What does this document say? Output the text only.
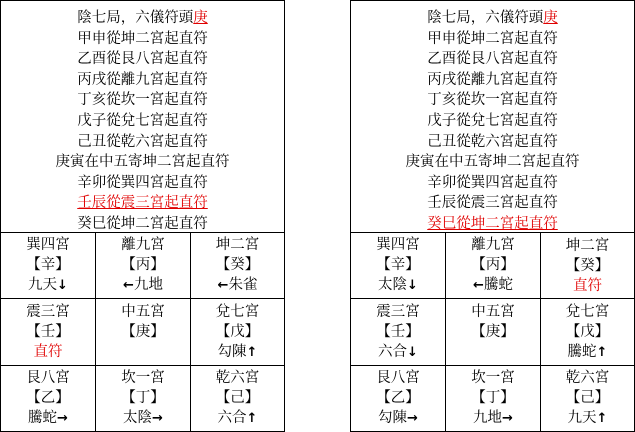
陰七局，六儀符頭庚
甲申從坤二宮起直符
乙酉從艮八宮起直符
丙戌從離九宮起直符
丁亥從坎一宮起直符
戊子從兌七宮起直符
己丑從乾六宮起直符
庚寅在中五寄坤二宮起直符
辛卯從巽四宮起直符
壬辰從震三宮起直符
癸巳從坤二宮起直符
巽四宮
【辛】
九天↓
離九宮
【丙】
←九地
坤二宮
【癸】
←朱雀
震三宮
【壬】
直符
中五宮
【庚】
兌七宮
【戊】
勾陳↑
艮八宮
【乙】
騰蛇→
坎一宮
【丁】
太陰→
乾六宮
【己】
六合↑
陰七局，六儀符頭庚
甲申從坤二宮起直符
乙酉從艮八宮起直符
丙戌從離九宮起直符
丁亥從坎一宮起直符
戊子從兌七宮起直符
己丑從乾六宮起直符
庚寅在中五寄坤二宮起直符
辛卯從巽四宮起直符
壬辰從震三宮起直符
癸巳從坤二宮起直符
巽四宮
【辛】
太陰↓
離九宮
【丙】
←騰蛇
坤二宮
【癸】
直符
震三宮
【壬】
六合↓
中五宮
【庚】
兌七宮
【戊】
騰蛇↑
艮八宮
【乙】
勾陳→
坎一宮
【丁】
九地→
乾六宮
【己】
九天↑
